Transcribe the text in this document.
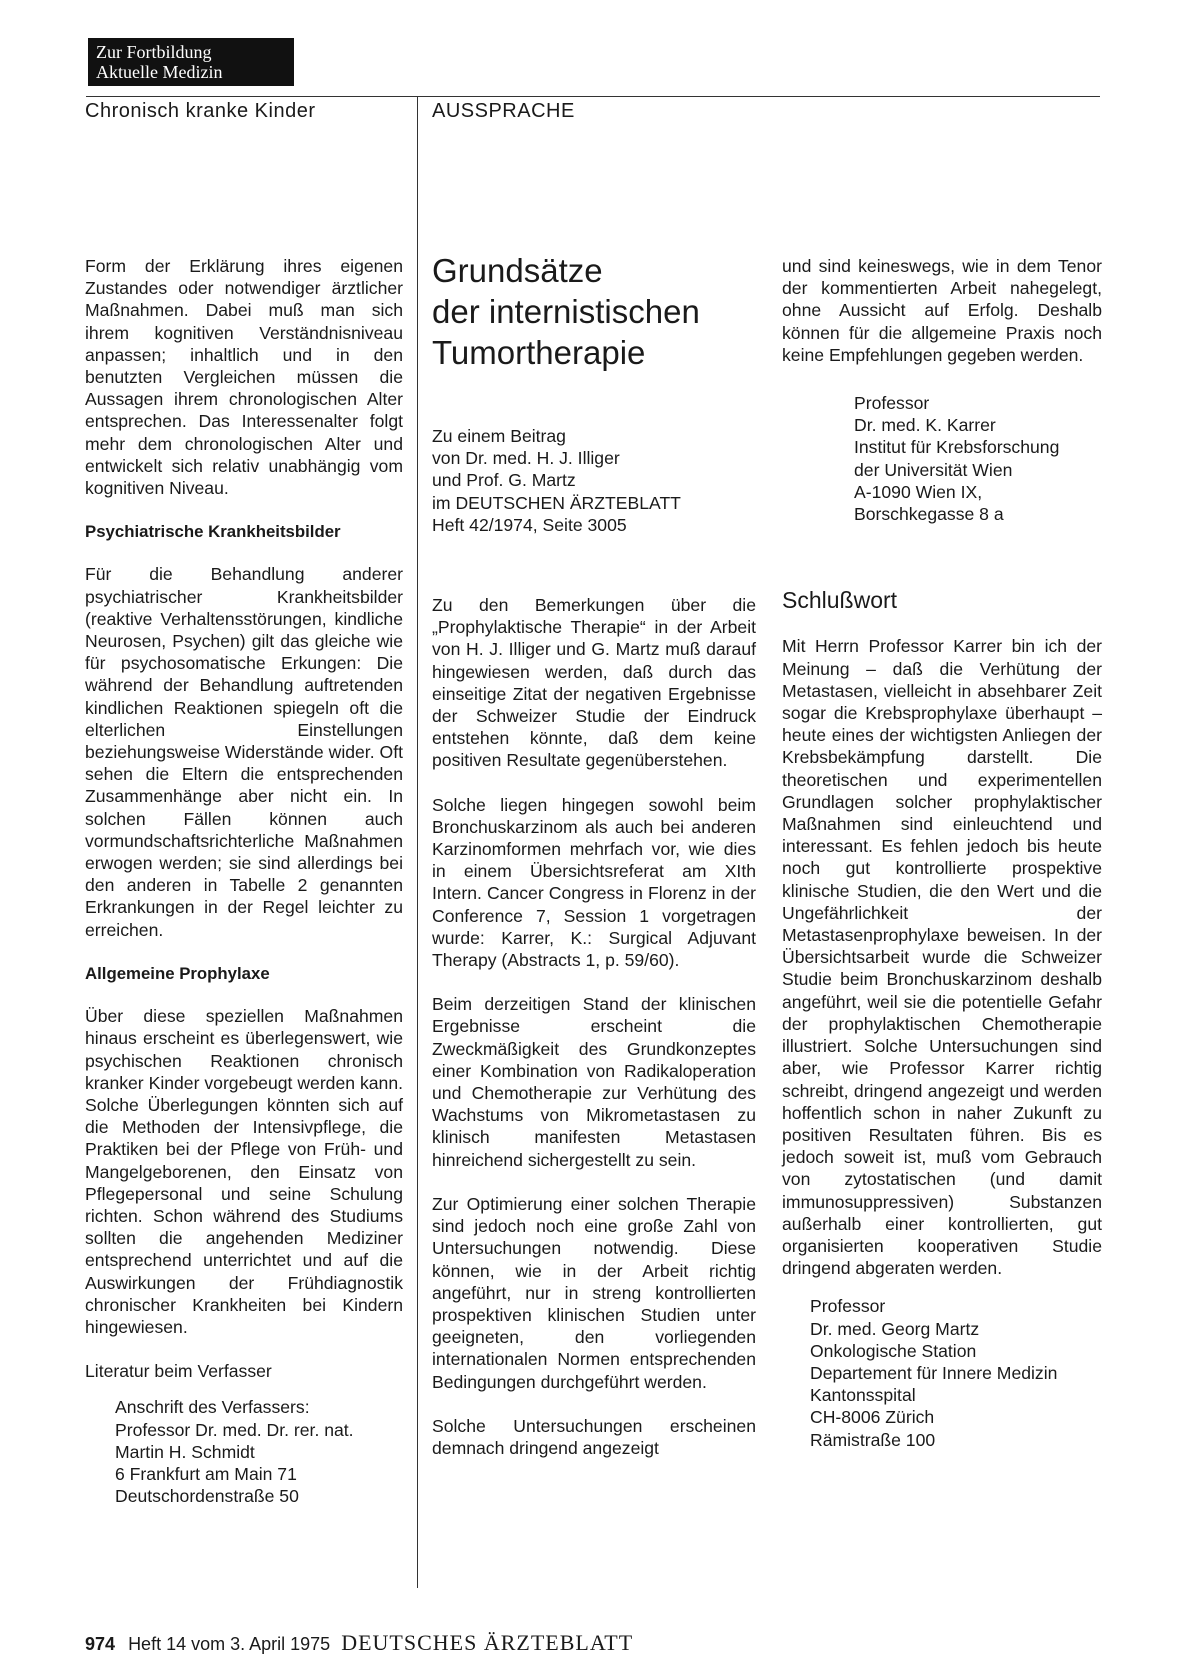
Zur Fortbildung
Aktuelle Medizin
Chronisch kranke Kinder	AUSSPRACHE

Form der Erklärung ihres eigenen Zustandes oder notwendiger ärztlicher Maßnahmen. Dabei muß man sich ihrem kognitiven Verständnisniveau anpassen; inhaltlich und in den benutzten Vergleichen müssen die Aussagen ihrem chronologischen Alter entsprechen. Das Interessenalter folgt mehr dem chronologischen Alter und entwickelt sich relativ unabhängig vom kognitiven Niveau.

Psychiatrische Krankheitsbilder

Für die Behandlung anderer psychiatrischer Krankheitsbilder (reaktive Verhaltensstörungen, kindliche Neurosen, Psychen) gilt das gleiche wie für psychosomatische Erkungen: Die während der Behandlung auftretenden kindlichen Reaktionen spiegeln oft die elterlichen Einstellungen beziehungsweise Widerstände wider. Oft sehen die Eltern die entsprechenden Zusammenhänge aber nicht ein. In solchen Fällen können auch vormundschaftsrichterliche Maßnahmen erwogen werden; sie sind allerdings bei den anderen in Tabelle 2 genannten Erkrankungen in der Regel leichter zu erreichen.

Allgemeine Prophylaxe

Über diese speziellen Maßnahmen hinaus erscheint es überlegenswert, wie psychischen Reaktionen chronisch kranker Kinder vorgebeugt werden kann. Solche Überlegungen könnten sich auf die Methoden der Intensivpflege, die Praktiken bei der Pflege von Früh- und Mangelgeborenen, den Einsatz von Pflegepersonal und seine Schulung richten. Schon während des Studiums sollten die angehenden Mediziner entsprechend unterrichtet und auf die Auswirkungen der Frühdiagnostik chronischer Krankheiten bei Kindern hingewiesen.

Literatur beim Verfasser

Anschrift des Verfassers:
Professor Dr. med. Dr. rer. nat.
Martin H. Schmidt
6 Frankfurt am Main 71
Deutschordenstraße 50
Grundsätze
der internistischen
Tumortherapie
Zu einem Beitrag
von Dr. med. H. J. Illiger
und Prof. G. Martz
im DEUTSCHEN ÄRZTEBLATT
Heft 42/1974, Seite 3005

Zu den Bemerkungen über die „Prophylaktische Therapie“ in der Arbeit von H. J. Illiger und G. Martz muß darauf hingewiesen werden, daß durch das einseitige Zitat der negativen Ergebnisse der Schweizer Studie der Eindruck entstehen könnte, daß dem keine positiven Resultate gegenüberstehen.

Solche liegen hingegen sowohl beim Bronchuskarzinom als auch bei anderen Karzinomformen mehrfach vor, wie dies in einem Übersichtsreferat am XIth Intern. Cancer Congress in Florenz in der Conference 7, Session 1 vorgetragen wurde: Karrer, K.: Surgical Adjuvant Therapy (Abstracts 1, p. 59/60).

Beim derzeitigen Stand der klinischen Ergebnisse erscheint die Zweckmäßigkeit des Grundkonzeptes einer Kombination von Radikaloperation und Chemotherapie zur Verhütung des Wachstums von Mikrometastasen zu klinisch manifesten Metastasen hinreichend sichergestellt zu sein.

Zur Optimierung einer solchen Therapie sind jedoch noch eine große Zahl von Untersuchungen notwendig. Diese können, wie in der Arbeit richtig angeführt, nur in streng kontrollierten prospektiven klinischen Studien unter geeigneten, den vorliegenden internationalen Normen entsprechenden Bedingungen durchgeführt werden.

Solche Untersuchungen erscheinen demnach dringend angezeigt

und sind keineswegs, wie in dem Tenor der kommentierten Arbeit nahegelegt, ohne Aussicht auf Erfolg. Deshalb können für die allgemeine Praxis noch keine Empfehlungen gegeben werden.

Professor
Dr. med. K. Karrer
Institut für Krebsforschung
der Universität Wien
A-1090 Wien IX,
Borschkegasse 8 a
Schlußwort

Mit Herrn Professor Karrer bin ich der Meinung – daß die Verhütung der Metastasen, vielleicht in absehbarer Zeit sogar die Krebsprophylaxe überhaupt – heute eines der wichtigsten Anliegen der Krebsbekämpfung darstellt. Die theoretischen und experimentellen Grundlagen solcher prophylaktischer Maßnahmen sind einleuchtend und interessant. Es fehlen jedoch bis heute noch gut kontrollierte prospektive klinische Studien, die den Wert und die Ungefährlichkeit der Metastasenprophylaxe beweisen. In der Übersichtsarbeit wurde die Schweizer Studie beim Bronchuskarzinom deshalb angeführt, weil sie die potentielle Gefahr der prophylaktischen Chemotherapie illustriert. Solche Untersuchungen sind aber, wie Professor Karrer richtig schreibt, dringend angezeigt und werden hoffentlich schon in naher Zukunft zu positiven Resultaten führen. Bis es jedoch soweit ist, muß vom Gebrauch von zytostatischen (und damit immunosuppressiven) Substanzen außerhalb einer kontrollierten, gut organisierten kooperativen Studie dringend abgeraten werden.

Professor
Dr. med. Georg Martz
Onkologische Station
Departement für Innere Medizin
Kantonsspital
CH-8006 Zürich
Rämistraße 100
974 Heft 14 vom 3. April 1975 DEUTSCHES ÄRZTEBLATT
